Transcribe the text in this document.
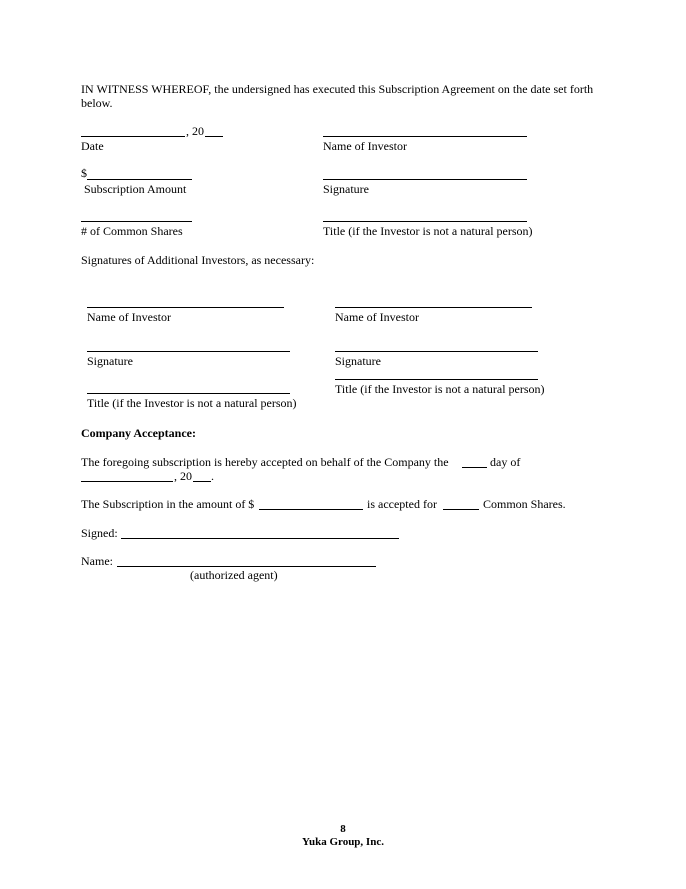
IN WITNESS WHEREOF, the undersigned has executed this Subscription Agreement on the date set forth below.
, 20
Date	Name of Investor
$
Subscription Amount	Signature
# of Common Shares	Title (if the Investor is not a natural person)
Signatures of Additional Investors, as necessary:
Name of Investor	Name of Investor
Signature	Signature
Title (if the Investor is not a natural person)
Title (if the Investor is not a natural person)
Company Acceptance:
The foregoing subscription is hereby accepted on behalf of the Company the	day of
, 20 .
The Subscription in the amount of $	is accepted for	Common Shares.
Signed:
Name:
(authorized agent)
8
Yuka Group, Inc.
